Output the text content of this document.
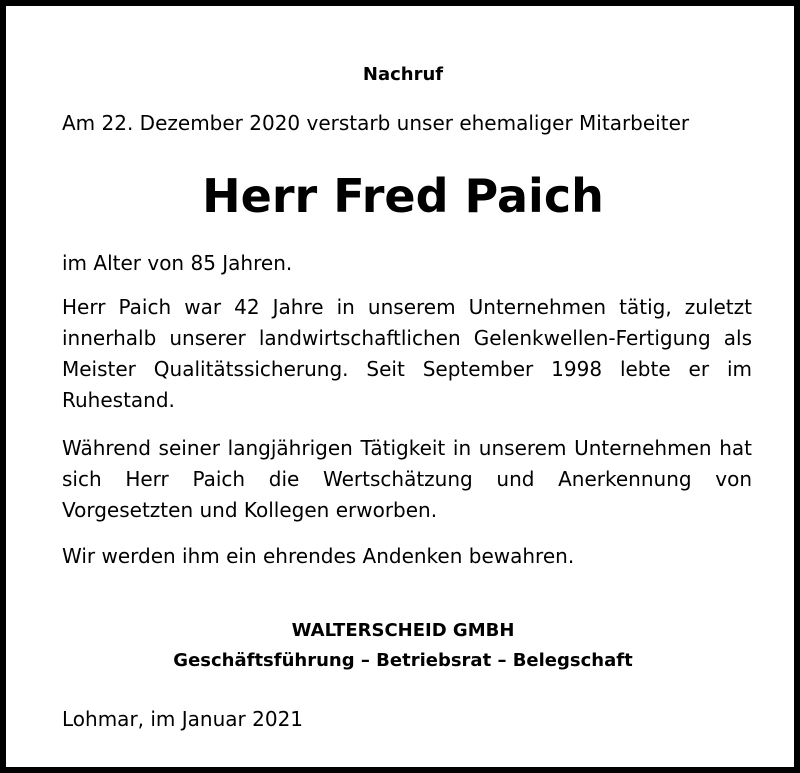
Nachruf
Am 22. Dezember 2020 verstarb unser ehemaliger Mitarbeiter
Herr Fred Paich
im Alter von 85 Jahren.
Herr Paich war 42 Jahre in unserem Unternehmen tätig, zuletzt innerhalb unserer landwirtschaftlichen Gelenkwellen-Fertigung als Meister Qualitätssicherung. Seit September 1998 lebte er im Ruhestand.
Während seiner langjährigen Tätigkeit in unserem Unternehmen hat sich Herr Paich die Wertschätzung und Anerkennung von Vorgesetzten und Kollegen erworben.
Wir werden ihm ein ehrendes Andenken bewahren.
WALTERSCHEID GMBH
Geschäftsführung – Betriebsrat – Belegschaft
Lohmar, im Januar 2021
